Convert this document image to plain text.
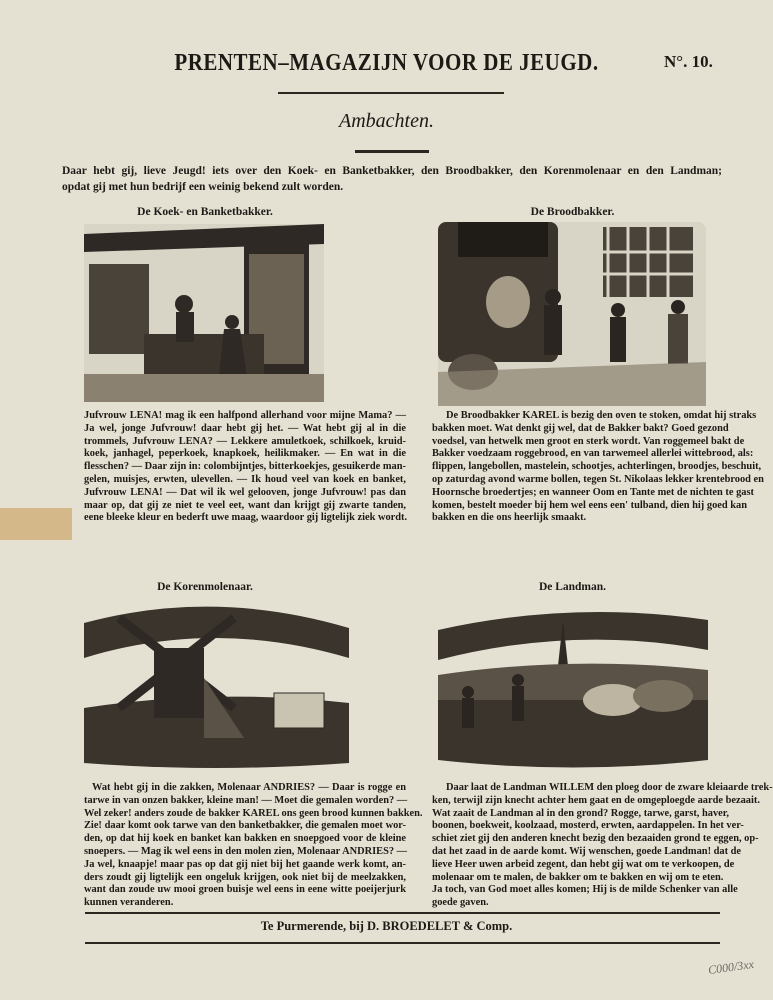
PRENTEN–MAGAZIJN VOOR DE JEUGD.	N°. 10.
Ambachten.
Daar hebt gij, lieve Jeugd! iets over den Koek- en Banketbakker, den Broodbakker, den Korenmolenaar en den Landman;
opdat gij met hun bedrijf een weinig bekend zult worden.
De Koek- en Banketbakker.	De Broodbakker.
De Korenmolenaar.	De Landman.
Jufvrouw LENA! mag ik een halfpond allerhand voor mijne Mama? —
Ja wel, jonge Jufvrouw! daar hebt gij het. — Wat hebt gij al in die
trommels, Jufvrouw LENA? — Lekkere amuletkoek, schilkoek, kruid-
koek, janhagel, peperkoek, knapkoek, heilikmaker. — En wat in die
flesschen? — Daar zijn in: colombijntjes, bitterkoekjes, gesuikerde man-
gelen, muisjes, erwten, ulevellen. — Ik houd veel van koek en banket,
Jufvrouw LENA! — Dat wil ik wel gelooven, jonge Jufvrouw! pas dan
maar op, dat gij ze niet te veel eet, want dan krijgt gij zwarte tanden,
eene bleeke kleur en bederft uwe maag, waardoor gij ligtelijk ziek wordt.
De Broodbakker KAREL is bezig den oven te stoken, omdat hij straks
bakken moet. Wat denkt gij wel, dat de Bakker bakt? Goed gezond
voedsel, van hetwelk men groot en sterk wordt. Van roggemeel bakt de
Bakker voedzaam roggebrood, en van tarwemeel allerlei wittebrood, als:
flippen, langebollen, mastelein, schootjes, achterlingen, broodjes, beschuit,
op zaturdag avond warme bollen, tegen St. Nikolaas lekker krentebrood en
Hoornsche broedertjes; en wanneer Oom en Tante met de nichten te gast
komen, bestelt moeder bij hem wel eens een' tulband, dien hij goed kan
bakken en die ons heerlijk smaakt.
Wat hebt gij in die zakken, Molenaar ANDRIES? — Daar is rogge en
tarwe in van onzen bakker, kleine man! — Moet die gemalen worden? —
Wel zeker! anders zoude de bakker KAREL ons geen brood kunnen bakken.
Zie! daar komt ook tarwe van den banketbakker, die gemalen moet wor-
den, op dat hij koek en banket kan bakken en snoepgoed voor de kleine
snoepers. — Mag ik wel eens in den molen zien, Molenaar ANDRIES? —
Ja wel, knaapje! maar pas op dat gij niet bij het gaande werk komt, an-
ders zoudt gij ligtelijk een ongeluk krijgen, ook niet bij de meelzakken,
want dan zoude uw mooi groen buisje wel eens in eene witte poeijerjurk
kunnen veranderen.
Daar laat de Landman WILLEM den ploeg door de zware kleiaarde trek-
ken, terwijl zijn knecht achter hem gaat en de omgeploegde aarde bezaait.
Wat zaait de Landman al in den grond? Rogge, tarwe, garst, haver,
boonen, boekweit, koolzaad, mosterd, erwten, aardappelen. In het ver-
schiet ziet gij den anderen knecht bezig den bezaaiden grond te eggen, op-
dat het zaad in de aarde komt. Wij wenschen, goede Landman! dat de
lieve Heer uwen arbeid zegent, dan hebt gij wat om te verkoopen, de
molenaar om te malen, de bakker om te bakken en wij om te eten.
Ja toch, van God moet alles komen; Hij is de milde Schenker van alle
goede gaven.
Te Purmerende, bij D. BROEDELET & Comp.
C000/3xx
